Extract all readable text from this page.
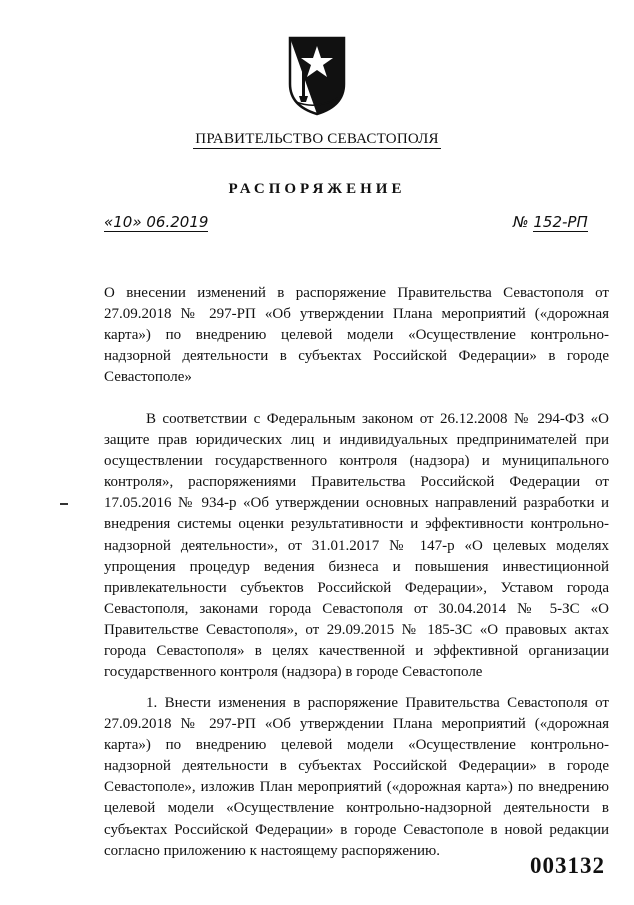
ПРАВИТЕЛЬСТВО СЕВАСТОПОЛЯ
РАСПОРЯЖЕНИЕ
«10» 06.2019	№ 152-РП
О внесении изменений в распоряжение Правительства Севастополя от 27.09.2018 № 297-РП «Об утверждении Плана мероприятий («дорожная карта») по внедрению целевой модели «Осуществление контрольно-надзорной деятельности в субъектах Российской Федерации» в городе Севастополе»
В соответствии с Федеральным законом от 26.12.2008 № 294-ФЗ «О защите прав юридических лиц и индивидуальных предпринимателей при осуществлении государственного контроля (надзора) и муниципального контроля», распоряжениями Правительства Российской Федерации от 17.05.2016 № 934-р «Об утверждении основных направлений разработки и внедрения системы оценки результативности и эффективности контрольно-надзорной деятельности», от 31.01.2017 № 147-р «О целевых моделях упрощения процедур ведения бизнеса и повышения инвестиционной привлекательности субъектов Российской Федерации», Уставом города Севастополя, законами города Севастополя от 30.04.2014 № 5-ЗС «О Правительстве Севастополя», от 29.09.2015 № 185-ЗС «О правовых актах города Севастополя» в целях качественной и эффективной организации государственного контроля (надзора) в городе Севастополе
1. Внести изменения в распоряжение Правительства Севастополя от 27.09.2018 № 297-РП «Об утверждении Плана мероприятий («дорожная карта») по внедрению целевой модели «Осуществление контрольно-надзорной деятельности в субъектах Российской Федерации» в городе Севастополе», изложив План мероприятий («дорожная карта») по внедрению целевой модели «Осуществление контрольно-надзорной деятельности в субъектах Российской Федерации» в городе Севастополе в новой редакции согласно приложению к настоящему распоряжению.
003132
